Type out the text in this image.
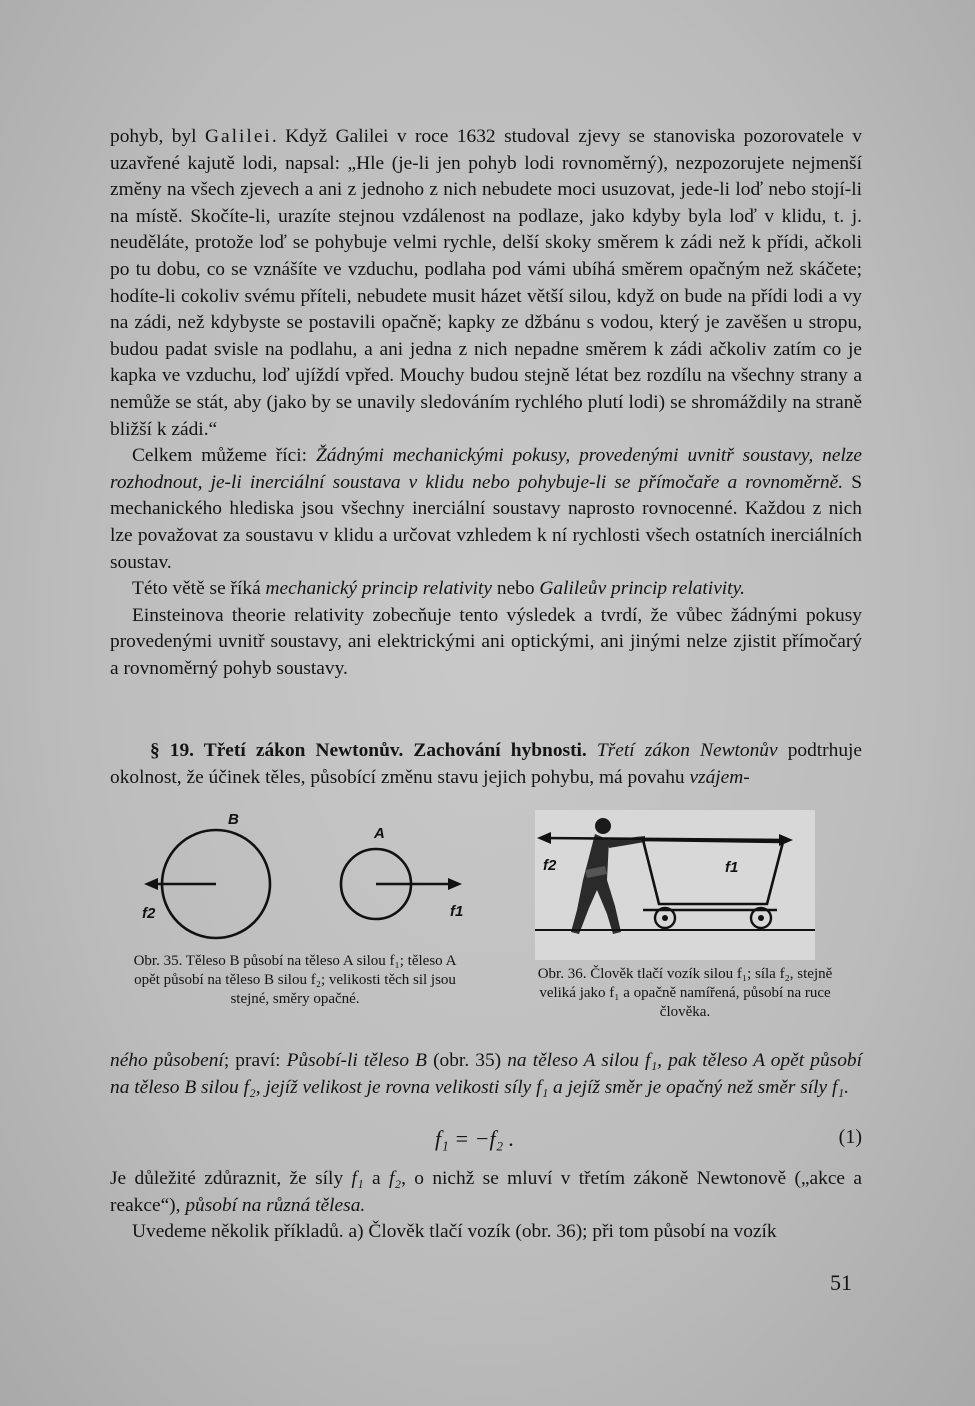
pohyb, byl Galilei. Když Galilei v roce 1632 studoval zjevy se stanoviska pozorovatele v uzavřené kajutě lodi, napsal: „Hle (je-li jen pohyb lodi rovnoměrný), nezpozorujete nejmenší změny na všech zjevech a ani z jednoho z nich nebudete moci usuzovat, jede-li loď nebo stojí-li na místě. Skočíte-li, urazíte stejnou vzdálenost na podlaze, jako kdyby byla loď v klidu, t. j. neuděláte, protože loď se pohybuje velmi rychle, delší skoky směrem k zádi než k přídi, ačkoli po tu dobu, co se vznášíte ve vzduchu, podlaha pod vámi ubíhá směrem opačným než skáčete; hodíte-li cokoliv svému příteli, nebudete musit házet větší silou, když on bude na přídi lodi a vy na zádi, než kdybyste se postavili opačně; kapky ze džbánu s vodou, který je zavěšen u stropu, budou padat svisle na podlahu, a ani jedna z nich nepadne směrem k zádi ačkoliv zatím co je kapka ve vzduchu, loď ujíždí vpřed. Mouchy budou stejně létat bez rozdílu na všechny strany a nemůže se stát, aby (jako by se unavily sledováním rychlého plutí lodi) se shromáždily na straně bližší k zádi.“

Celkem můžeme říci: Žádnými mechanickými pokusy, provedenými uvnitř soustavy, nelze rozhodnout, je-li inerciální soustava v klidu nebo pohybuje-li se přímočaře a rovnoměrně. S mechanického hlediska jsou všechny inerciální soustavy naprosto rovnocenné. Každou z nich lze považovat za soustavu v klidu a určovat vzhledem k ní rychlosti všech ostatních inerciálních soustav.

Této větě se říká mechanický princip relativity nebo Galileův princip relativity.

Einsteinova theorie relativity zobecňuje tento výsledek a tvrdí, že vůbec žádnými pokusy provedenými uvnitř soustavy, ani elektrickými ani optickými, ani jinými nelze zjistit přímočarý a rovnoměrný pohyb soustavy.

§ 19. Třetí zákon Newtonův. Zachování hybnosti. Třetí zákon Newtonův podtrhuje okolnost, že účinek těles, působící změnu stavu jejich pohybu, má povahu vzájem-

B
A
f2	f1
Obr. 35. Těleso B působí na těleso A silou f₁; těleso A opět působí na těleso B silou f₂; velikosti těch sil jsou stejné, směry opačné.
f2	f1
Obr. 36. Člověk tlačí vozík silou f₁; síla f₂, stejně veliká jako f₁ a opačně namířená, působí na ruce člověka.

ného působení; praví: Působí-li těleso B (obr. 35) na těleso A silou f₁, pak těleso A opět působí na těleso B silou f₂, jejíž velikost je rovna velikosti síly f₁ a jejíž směr je opačný než směr síly f₁.

f₁ = −f₂ .	(1)

Je důležité zdůraznit, že síly f₁ a f₂, o nichž se mluví v třetím zákoně Newtonově („akce a reakce“), působí na různá tělesa.

Uvedeme několik příkladů. a) Člověk tlačí vozík (obr. 36); při tom působí na vozík

51
